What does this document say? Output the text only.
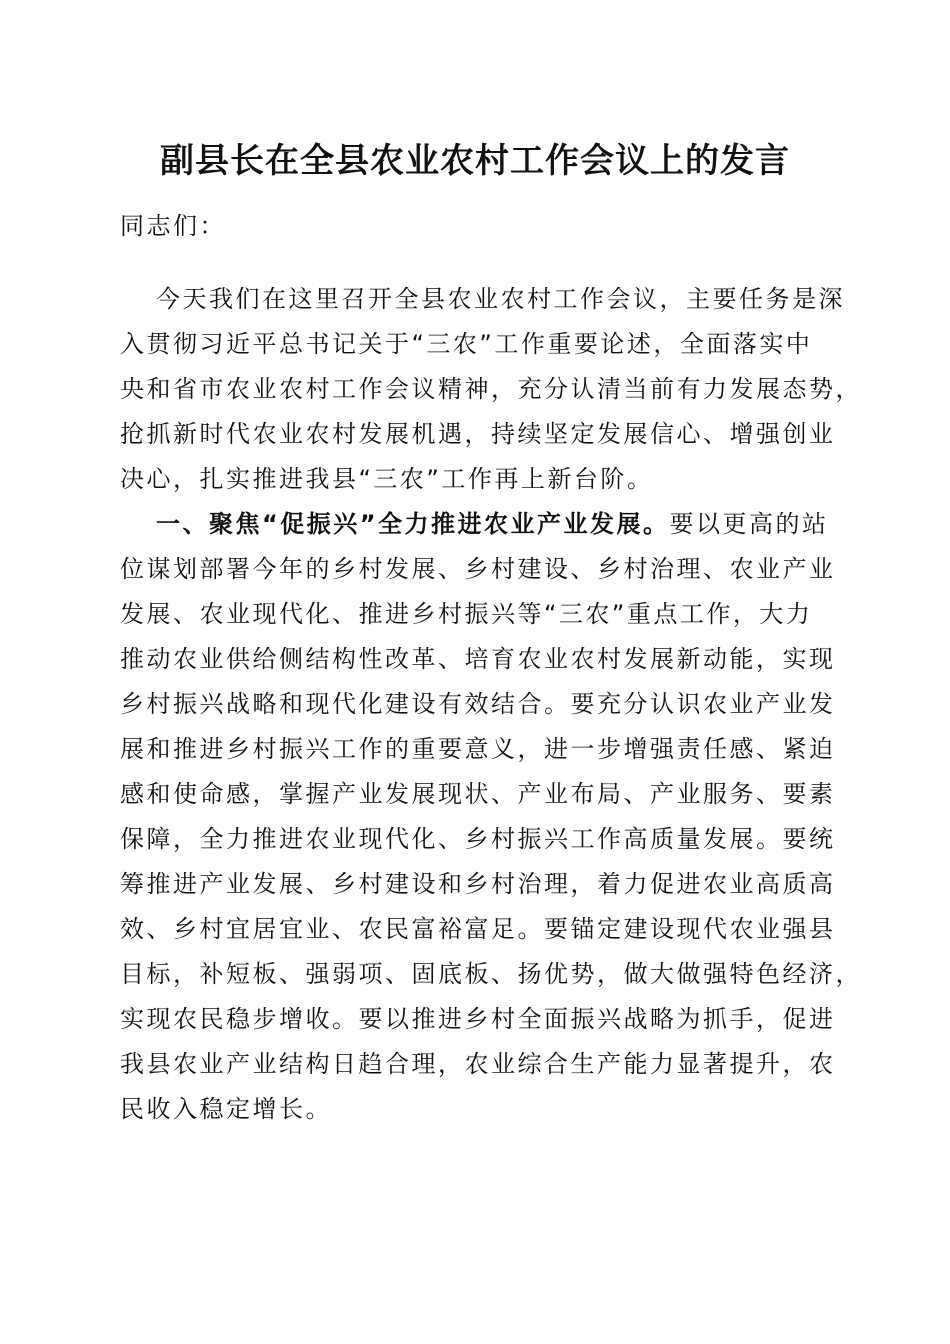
副县长在全县农业农村工作会议上的发言

同志们：

今天我们在这里召开全县农业农村工作会议，主要任务是深
入贯彻习近平总书记关于“三农”工作重要论述，全面落实中
央和省市农业农村工作会议精神，充分认清当前有力发展态势，
抢抓新时代农业农村发展机遇，持续坚定发展信心、增强创业
决心，扎实推进我县“三农”工作再上新台阶。
一、聚焦“促振兴”全力推进农业产业发展。要以更高的站
位谋划部署今年的乡村发展、乡村建设、乡村治理、农业产业
发展、农业现代化、推进乡村振兴等“三农”重点工作，大力
推动农业供给侧结构性改革、培育农业农村发展新动能，实现
乡村振兴战略和现代化建设有效结合。要充分认识农业产业发
展和推进乡村振兴工作的重要意义，进一步增强责任感、紧迫
感和使命感，掌握产业发展现状、产业布局、产业服务、要素
保障，全力推进农业现代化、乡村振兴工作高质量发展。要统
筹推进产业发展、乡村建设和乡村治理，着力促进农业高质高
效、乡村宜居宜业、农民富裕富足。要锚定建设现代农业强县
目标，补短板、强弱项、固底板、扬优势，做大做强特色经济，
实现农民稳步增收。要以推进乡村全面振兴战略为抓手，促进
我县农业产业结构日趋合理，农业综合生产能力显著提升，农
民收入稳定增长。
